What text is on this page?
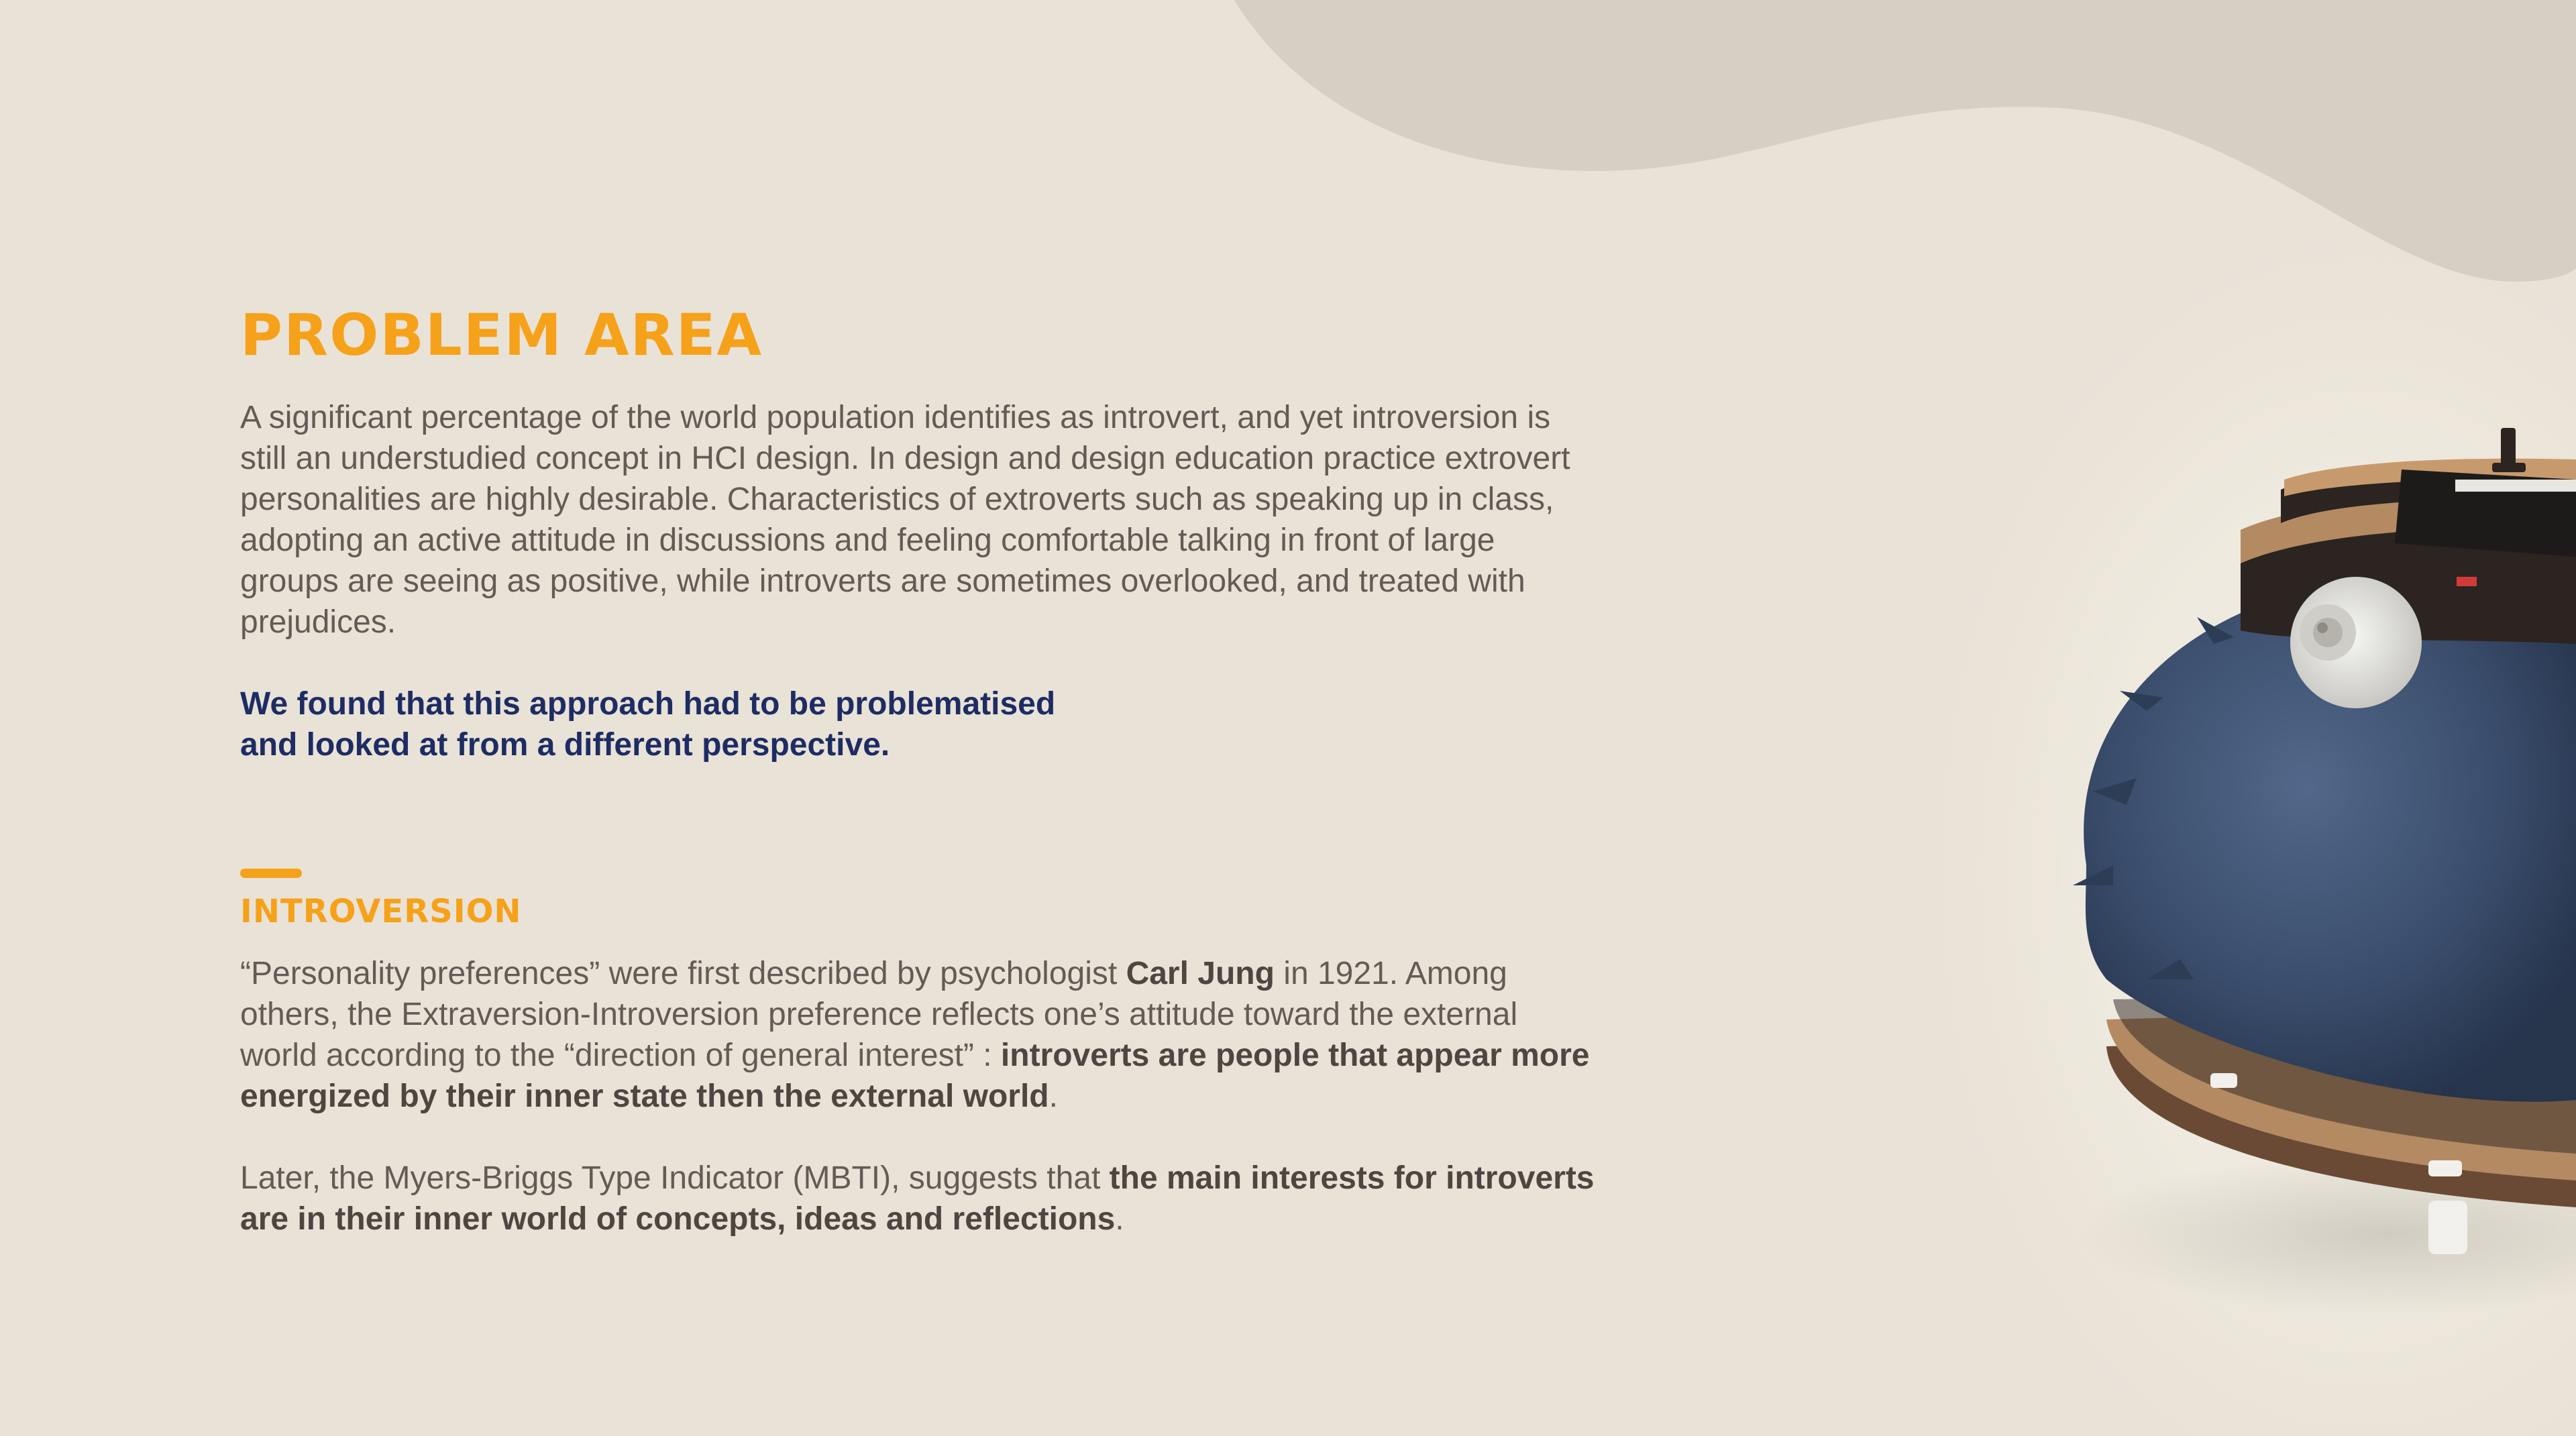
PROBLEM AREA

A significant percentage of the world population identifies as introvert, and yet introversion is still an understudied concept in HCI design. In design and design education practice extrovert personalities are highly desirable. Characteristics of extroverts such as speaking up in class, adopting an active attitude in discussions and feeling comfortable talking in front of large groups are seeing as positive, while introverts are sometimes overlooked, and treated with prejudices.

We found that this approach had to be problematised
and looked at from a different perspective.

INTROVERSION

“Personality preferences” were first described by psychologist Carl Jung in 1921. Among others, the Extraversion-Introversion preference reflects one’s attitude toward the external world according to the “direction of general interest” : introverts are people that appear more energized by their inner state then the external world.

Later, the Myers-Briggs Type Indicator (MBTI), suggests that the main interests for introverts are in their inner world of concepts, ideas and reflections.
